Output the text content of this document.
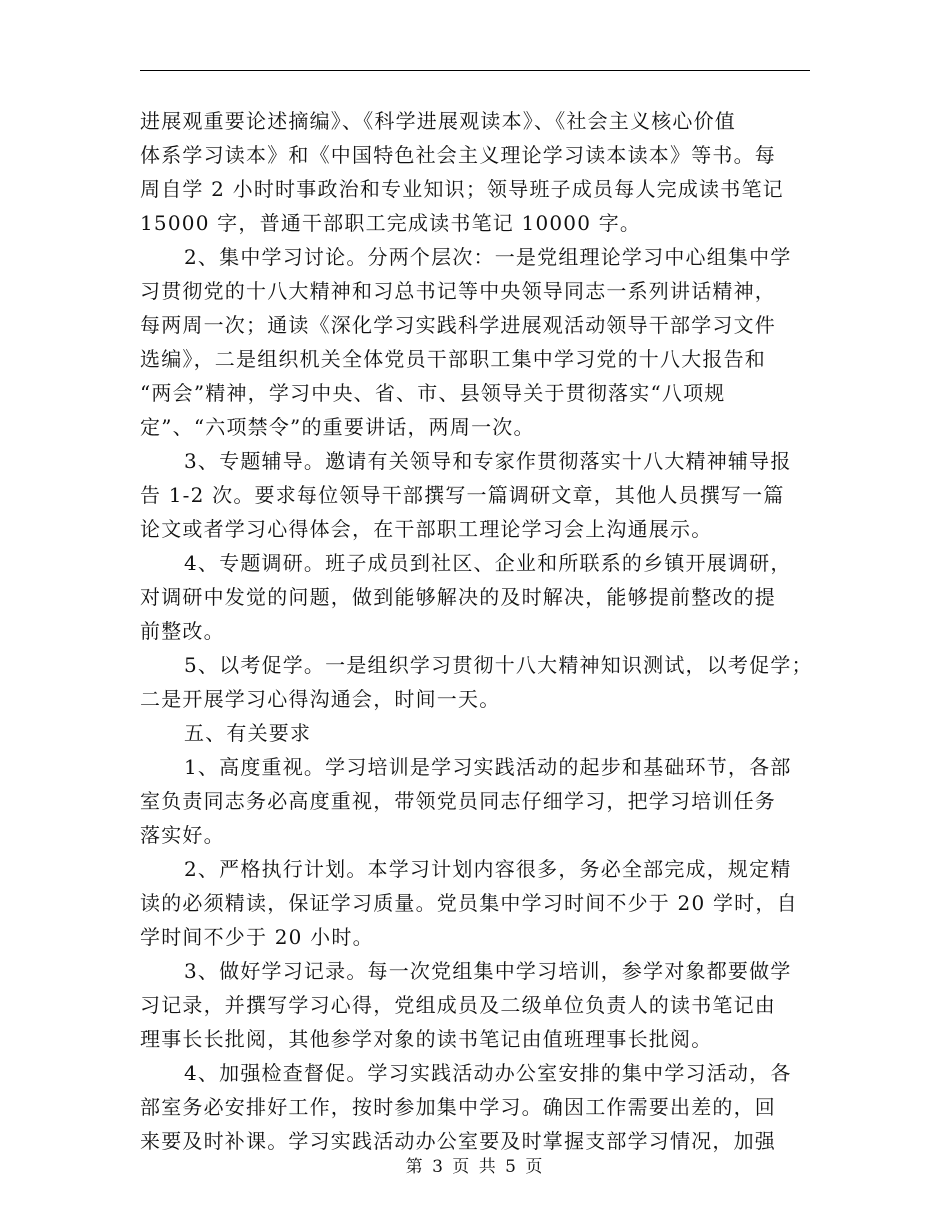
进展观重要论述摘编》、《科学进展观读本》、《社会主义核心价值
体系学习读本》和《中国特色社会主义理论学习读本读本》等书。每
周自学 2 小时时事政治和专业知识；领导班子成员每人完成读书笔记
15000 字，普通干部职工完成读书笔记 10000 字。
2、集中学习讨论。分两个层次：一是党组理论学习中心组集中学
习贯彻党的十八大精神和习总书记等中央领导同志一系列讲话精神，
每两周一次；通读《深化学习实践科学进展观活动领导干部学习文件
选编》，二是组织机关全体党员干部职工集中学习党的十八大报告和
“两会”精神，学习中央、省、市、县领导关于贯彻落实“八项规
定”、“六项禁令”的重要讲话，两周一次。
3、专题辅导。邀请有关领导和专家作贯彻落实十八大精神辅导报
告 1-2 次。要求每位领导干部撰写一篇调研文章，其他人员撰写一篇
论文或者学习心得体会，在干部职工理论学习会上沟通展示。
4、专题调研。班子成员到社区、企业和所联系的乡镇开展调研，
对调研中发觉的问题，做到能够解决的及时解决，能够提前整改的提
前整改。
5、以考促学。一是组织学习贯彻十八大精神知识测试，以考促学；
二是开展学习心得沟通会，时间一天。
五、有关要求
1、高度重视。学习培训是学习实践活动的起步和基础环节，各部
室负责同志务必高度重视，带领党员同志仔细学习，把学习培训任务
落实好。
2、严格执行计划。本学习计划内容很多，务必全部完成，规定精
读的必须精读，保证学习质量。党员集中学习时间不少于 20 学时，自
学时间不少于 20 小时。
3、做好学习记录。每一次党组集中学习培训，参学对象都要做学
习记录，并撰写学习心得，党组成员及二级单位负责人的读书笔记由
理事长长批阅，其他参学对象的读书笔记由值班理事长批阅。
4、加强检查督促。学习实践活动办公室安排的集中学习活动，各
部室务必安排好工作，按时参加集中学习。确因工作需要出差的，回
来要及时补课。学习实践活动办公室要及时掌握支部学习情况，加强
第 3 页 共 5 页
